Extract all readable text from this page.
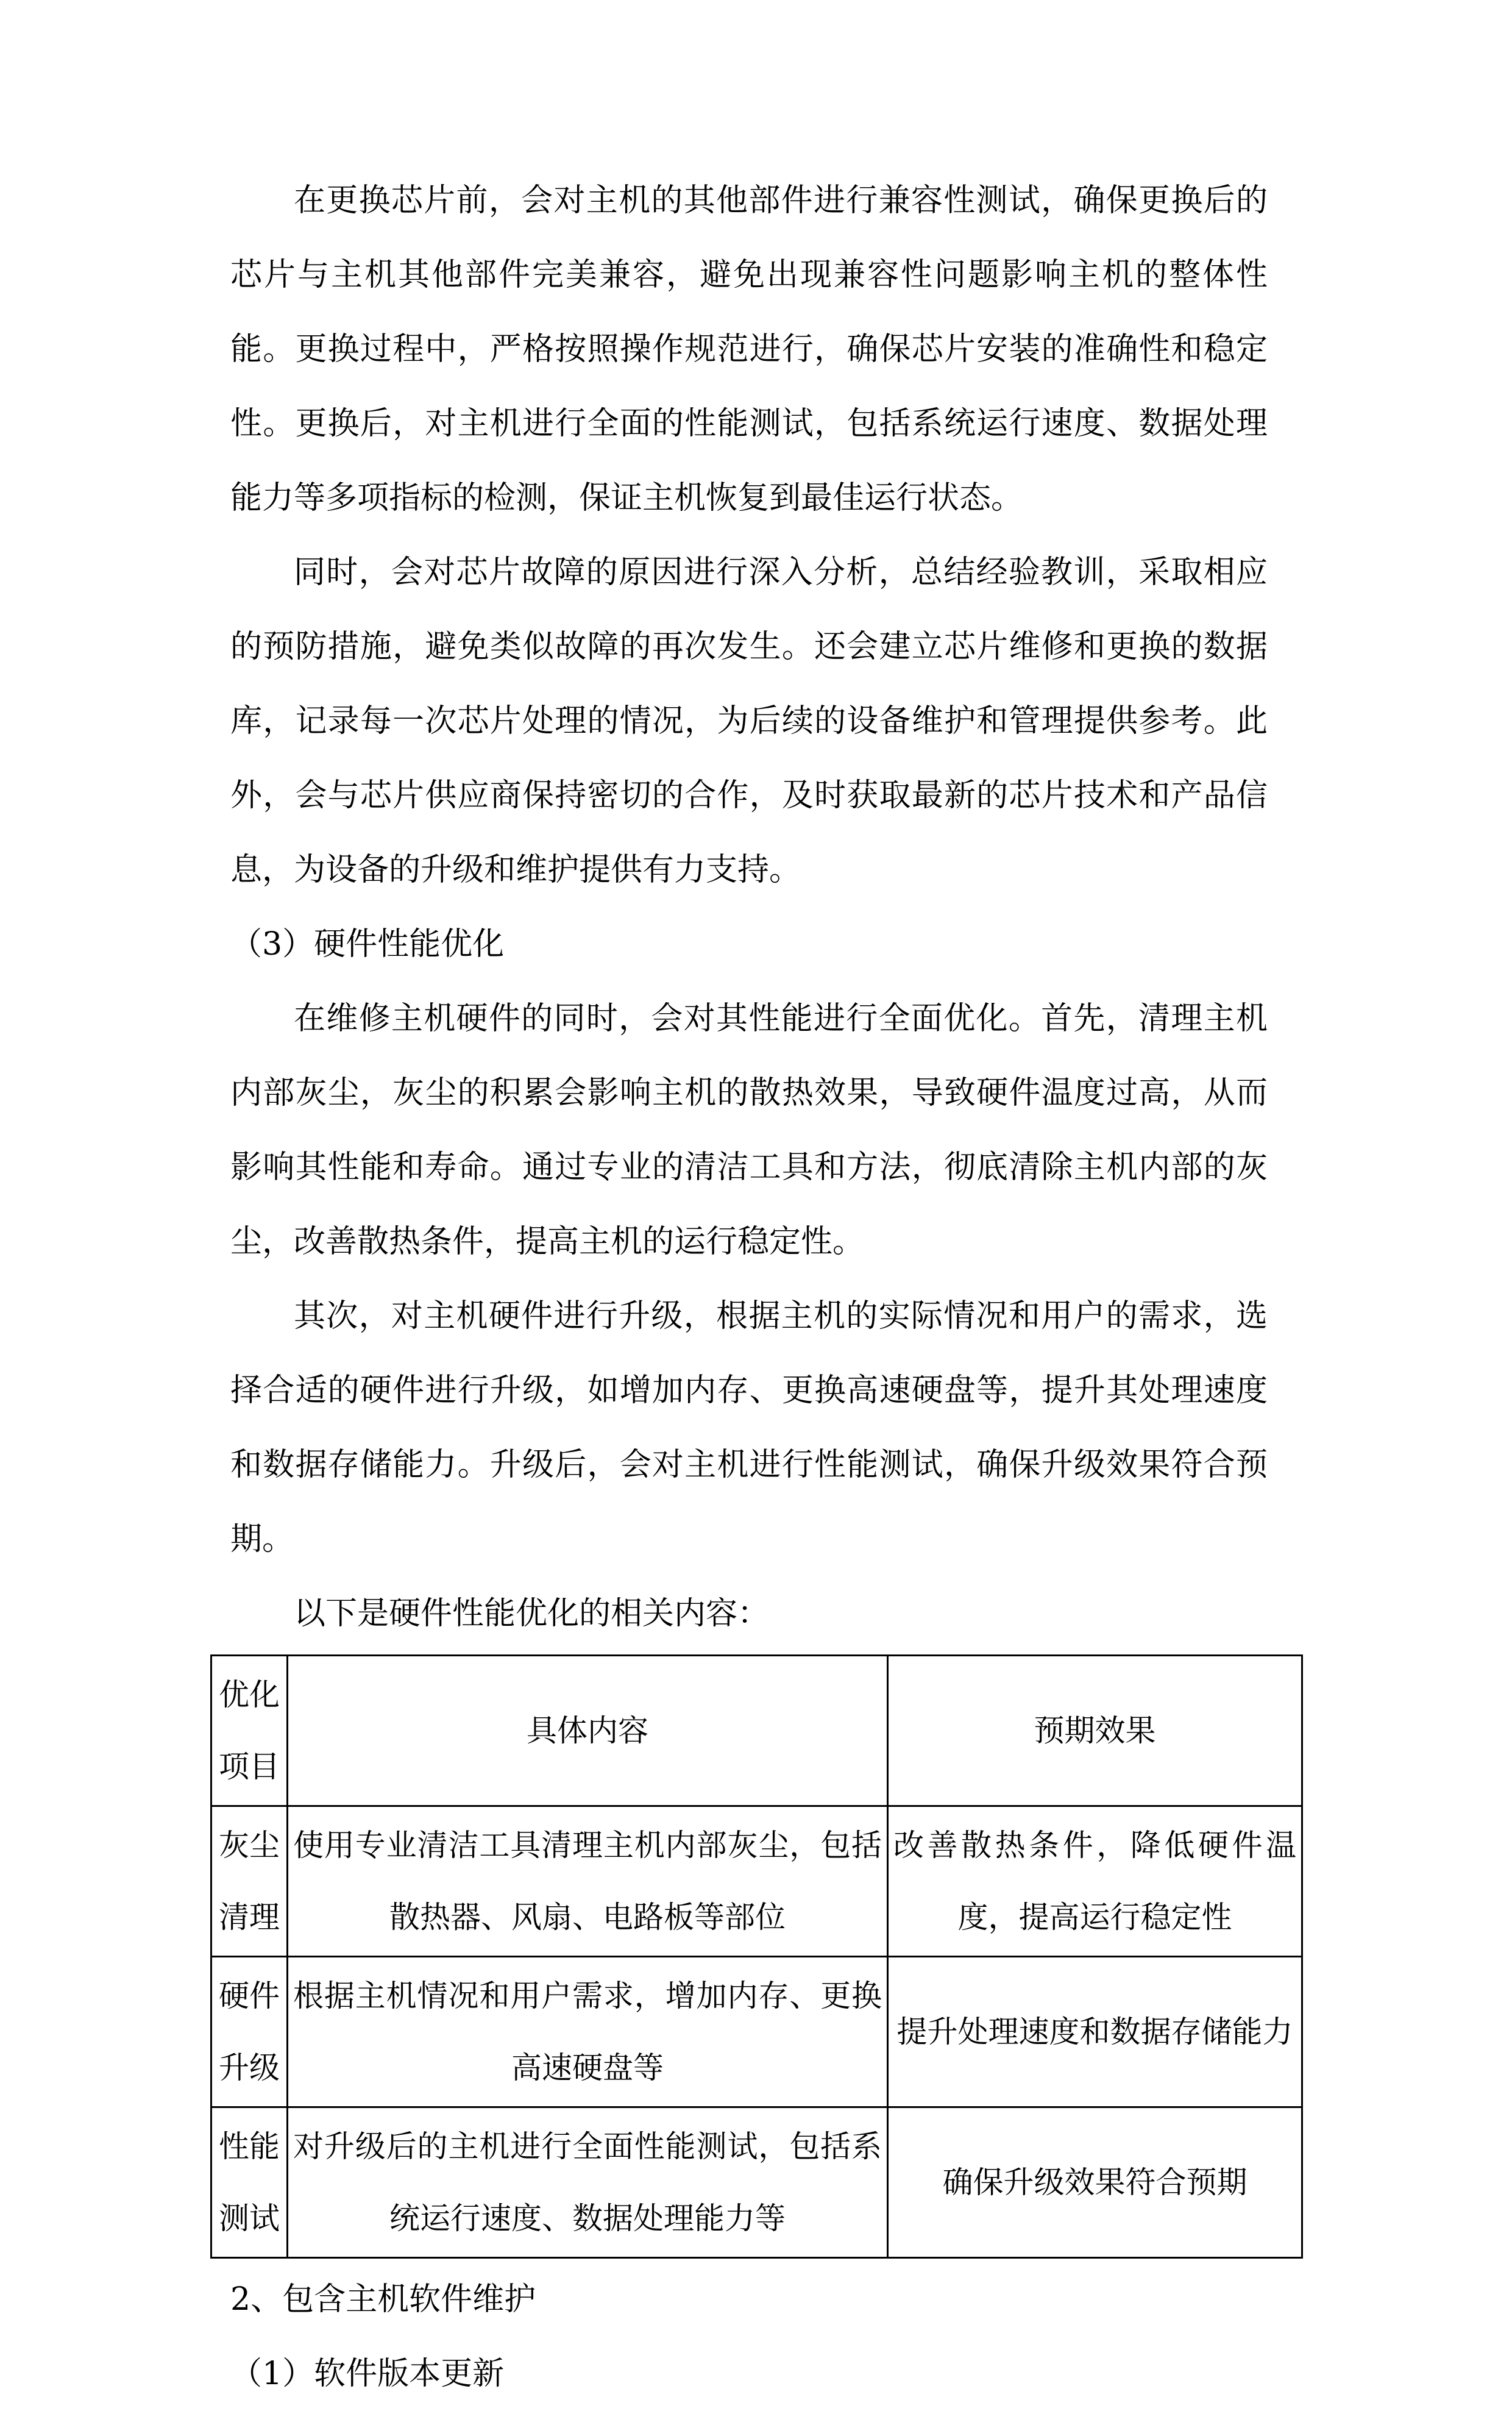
在更换芯片前，会对主机的其他部件进行兼容性测试，确保更换后的芯片与主机其他部件完美兼容，避免出现兼容性问题影响主机的整体性能。更换过程中，严格按照操作规范进行，确保芯片安装的准确性和稳定性。更换后，对主机进行全面的性能测试，包括系统运行速度、数据处理能力等多项指标的检测，保证主机恢复到最佳运行状态。

同时，会对芯片故障的原因进行深入分析，总结经验教训，采取相应的预防措施，避免类似故障的再次发生。还会建立芯片维修和更换的数据库，记录每一次芯片处理的情况，为后续的设备维护和管理提供参考。此外，会与芯片供应商保持密切的合作，及时获取最新的芯片技术和产品信息，为设备的升级和维护提供有力支持。

（3）硬件性能优化

在维修主机硬件的同时，会对其性能进行全面优化。首先，清理主机内部灰尘，灰尘的积累会影响主机的散热效果，导致硬件温度过高，从而影响其性能和寿命。通过专业的清洁工具和方法，彻底清除主机内部的灰尘，改善散热条件，提高主机的运行稳定性。

其次，对主机硬件进行升级，根据主机的实际情况和用户的需求，选择合适的硬件进行升级，如增加内存、更换高速硬盘等，提升其处理速度和数据存储能力。升级后，会对主机进行性能测试，确保升级效果符合预期。

以下是硬件性能优化的相关内容：

优化项目	具体内容	预期效果
灰尘清理	使用专业清洁工具清理主机内部灰尘，包括散热器、风扇、电路板等部位	改善散热条件，降低硬件温度，提高运行稳定性
硬件升级	根据主机情况和用户需求，增加内存、更换高速硬盘等	提升处理速度和数据存储能力
性能测试	对升级后的主机进行全面性能测试，包括系统运行速度、数据处理能力等	确保升级效果符合预期

2、包含主机软件维护

（1）软件版本更新
